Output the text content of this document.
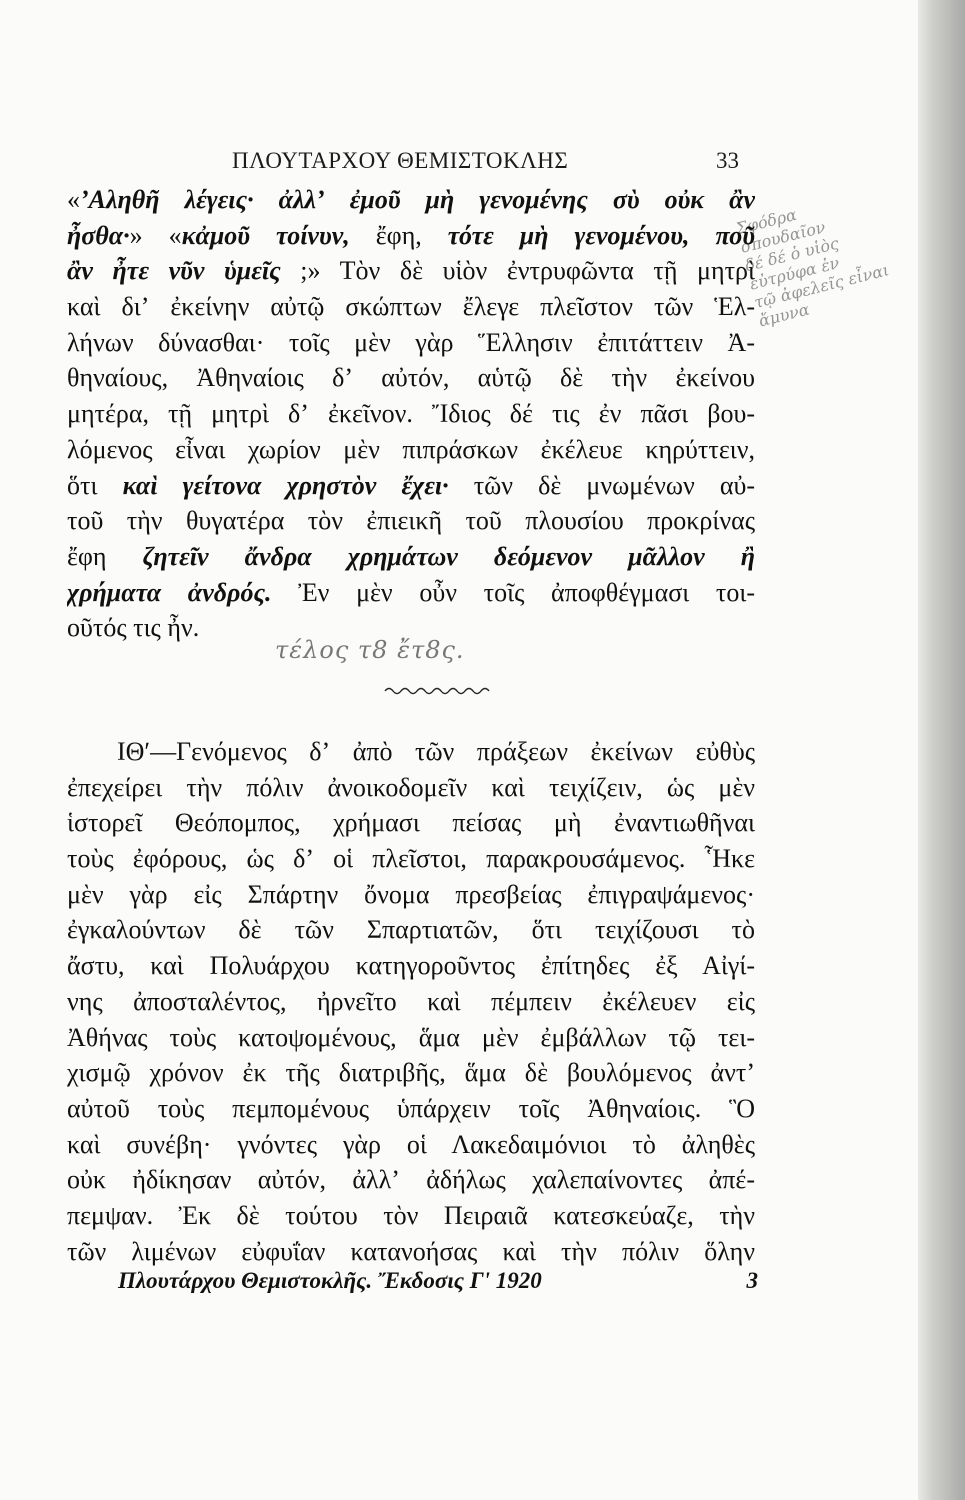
ΠΛΟΥΤΑΡΧΟΥ ΘΕΜΙΣΤΟΚΛΗΣ	33
Σφόδρα
σπουδαῖον
δέ δέ ὁ υἱὸς
εὐτρύφα ἐν
τῷ ἀφελεῖς εἶναι
ἄμυνα
«ʼΑληθῆ λέγεις· ἀλλʼ ἐμοῦ μὴ γενομένης σὺ οὐκ ἂν
ἦσθα·» «κἀμοῦ τοίνυν, ἔφη, τότε μὴ γενομένου, ποῦ
ἂν ἦτε νῦν ὑμεῖς ;» Τὸν δὲ υἱὸν ἐντρυφῶντα τῇ μητρὶ
καὶ διʼ ἐκείνην αὐτῷ σκώπτων ἔλεγε πλεῖστον τῶν Ἑλ-
λήνων δύνασθαι· τοῖς μὲν γὰρ Ἕλλησιν ἐπιτάττειν Ἀ-
θηναίους, Ἀθηναίοις δʼ αὐτόν, αὑτῷ δὲ τὴν ἐκείνου
μητέρα, τῇ μητρὶ δʼ ἐκεῖνον. Ἴδιος δέ τις ἐν πᾶσι βου-
λόμενος εἶναι χωρίον μὲν πιπράσκων ἐκέλευε κηρύττειν,
ὅτι καὶ γείτονα χρηστὸν ἔχει· τῶν δὲ μνωμένων αὐ-
τοῦ τὴν θυγατέρα τὸν ἐπιεικῆ τοῦ πλουσίου προκρίνας
ἔφη ζητεῖν ἄνδρα χρημάτων δεόμενον μᾶλλον ἢ
χρήματα ἀνδρός. Ἐν μὲν οὖν τοῖς ἀποφθέγμασι τοι-
οῦτός τις ἦν.
τέλος τ8 ἔτ8ς.
ΙΘʹ—Γενόμενος δʼ ἀπὸ τῶν πράξεων ἐκείνων εὐθὺς
ἐπεχείρει τὴν πόλιν ἀνοικοδομεῖν καὶ τειχίζειν, ὡς μὲν
ἱστορεῖ Θεόπομπος, χρήμασι πείσας μὴ ἐναντιωθῆναι
τοὺς ἐφόρους, ὡς δʼ οἱ πλεῖστοι, παρακρουσάμενος. Ἧκε
μὲν γὰρ εἰς Σπάρτην ὄνομα πρεσβείας ἐπιγραψάμενος·
ἐγκαλούντων δὲ τῶν Σπαρτιατῶν, ὅτι τειχίζουσι τὸ
ἄστυ, καὶ Πολυάρχου κατηγοροῦντος ἐπίτηδες ἐξ Αἰγί-
νης ἀποσταλέντος, ἠρνεῖτο καὶ πέμπειν ἐκέλευεν εἰς
Ἀθήνας τοὺς κατοψομένους, ἅμα μὲν ἐμβάλλων τῷ τει-
χισμῷ χρόνον ἐκ τῆς διατριβῆς, ἅμα δὲ βουλόμενος ἀντʼ
αὐτοῦ τοὺς πεμπομένους ὑπάρχειν τοῖς Ἀθηναίοις. Ὃ
καὶ συνέβη· γνόντες γὰρ οἱ Λακεδαιμόνιοι τὸ ἀληθὲς
οὐκ ἠδίκησαν αὐτόν, ἀλλʼ ἀδήλως χαλεπαίνοντες ἀπέ-
πεμψαν. Ἐκ δὲ τούτου τὸν Πειραιᾶ κατεσκεύαζε, τὴν
τῶν λιμένων εὐφυΐαν κατανοήσας καὶ τὴν πόλιν ὅλην
Πλουτάρχου Θεμιστοκλῆς. Ἔκδοσις Γʹ 1920	3
